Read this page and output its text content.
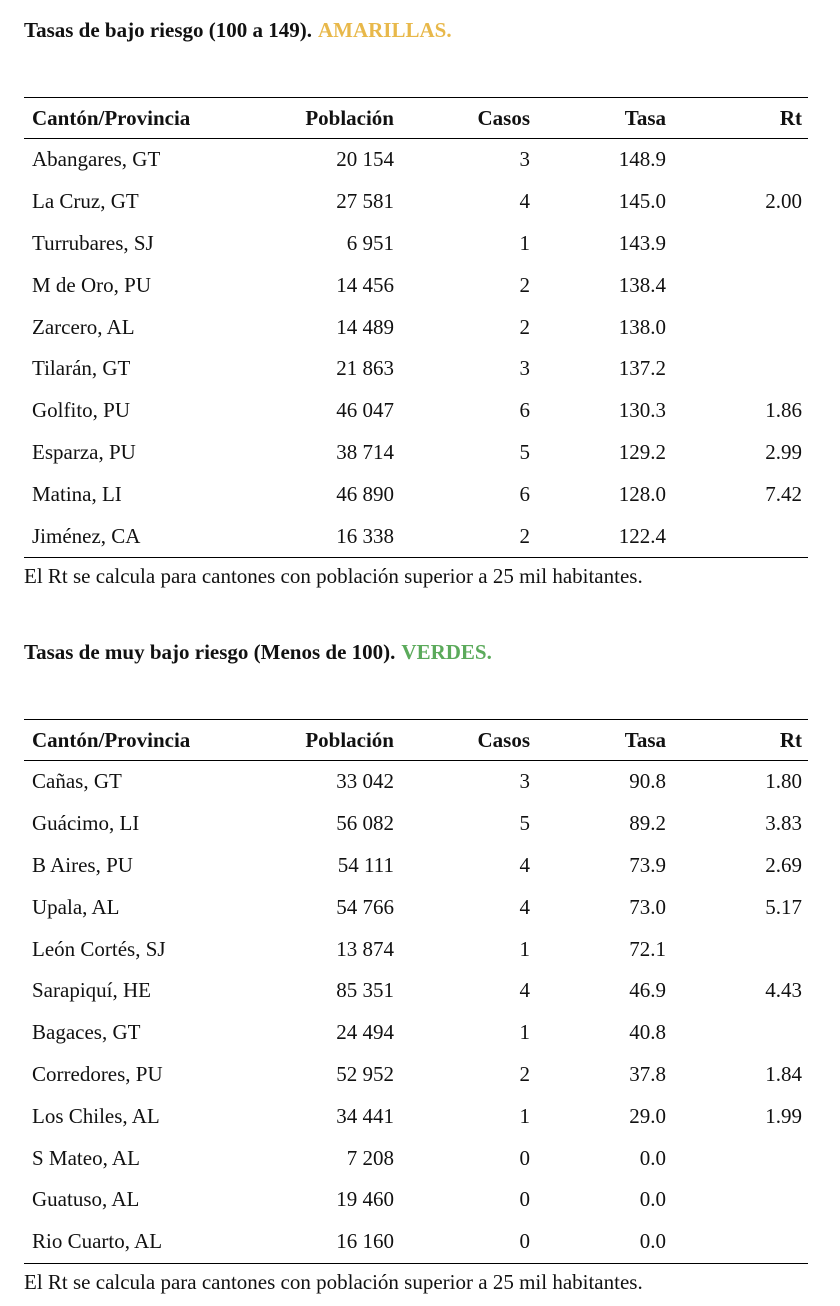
Tasas de bajo riesgo (100 a 149). AMARILLAS.
Cantón/Provincia	Población	Casos	Tasa	Rt
Abangares, GT	20 154	3	148.9
La Cruz, GT	27 581	4	145.0	2.00
Turrubares, SJ	6 951	1	143.9
M de Oro, PU	14 456	2	138.4
Zarcero, AL	14 489	2	138.0
Tilarán, GT	21 863	3	137.2
Golfito, PU	46 047	6	130.3	1.86
Esparza, PU	38 714	5	129.2	2.99
Matina, LI	46 890	6	128.0	7.42
Jiménez, CA	16 338	2	122.4
El Rt se calcula para cantones con población superior a 25 mil habitantes.
Tasas de muy bajo riesgo (Menos de 100). VERDES.
Cantón/Provincia	Población	Casos	Tasa	Rt
Cañas, GT	33 042	3	90.8	1.80
Guácimo, LI	56 082	5	89.2	3.83
B Aires, PU	54 111	4	73.9	2.69
Upala, AL	54 766	4	73.0	5.17
León Cortés, SJ	13 874	1	72.1
Sarapiquí, HE	85 351	4	46.9	4.43
Bagaces, GT	24 494	1	40.8
Corredores, PU	52 952	2	37.8	1.84
Los Chiles, AL	34 441	1	29.0	1.99
S Mateo, AL	7 208	0	0.0
Guatuso, AL	19 460	0	0.0
Rio Cuarto, AL	16 160	0	0.0
El Rt se calcula para cantones con población superior a 25 mil habitantes.
